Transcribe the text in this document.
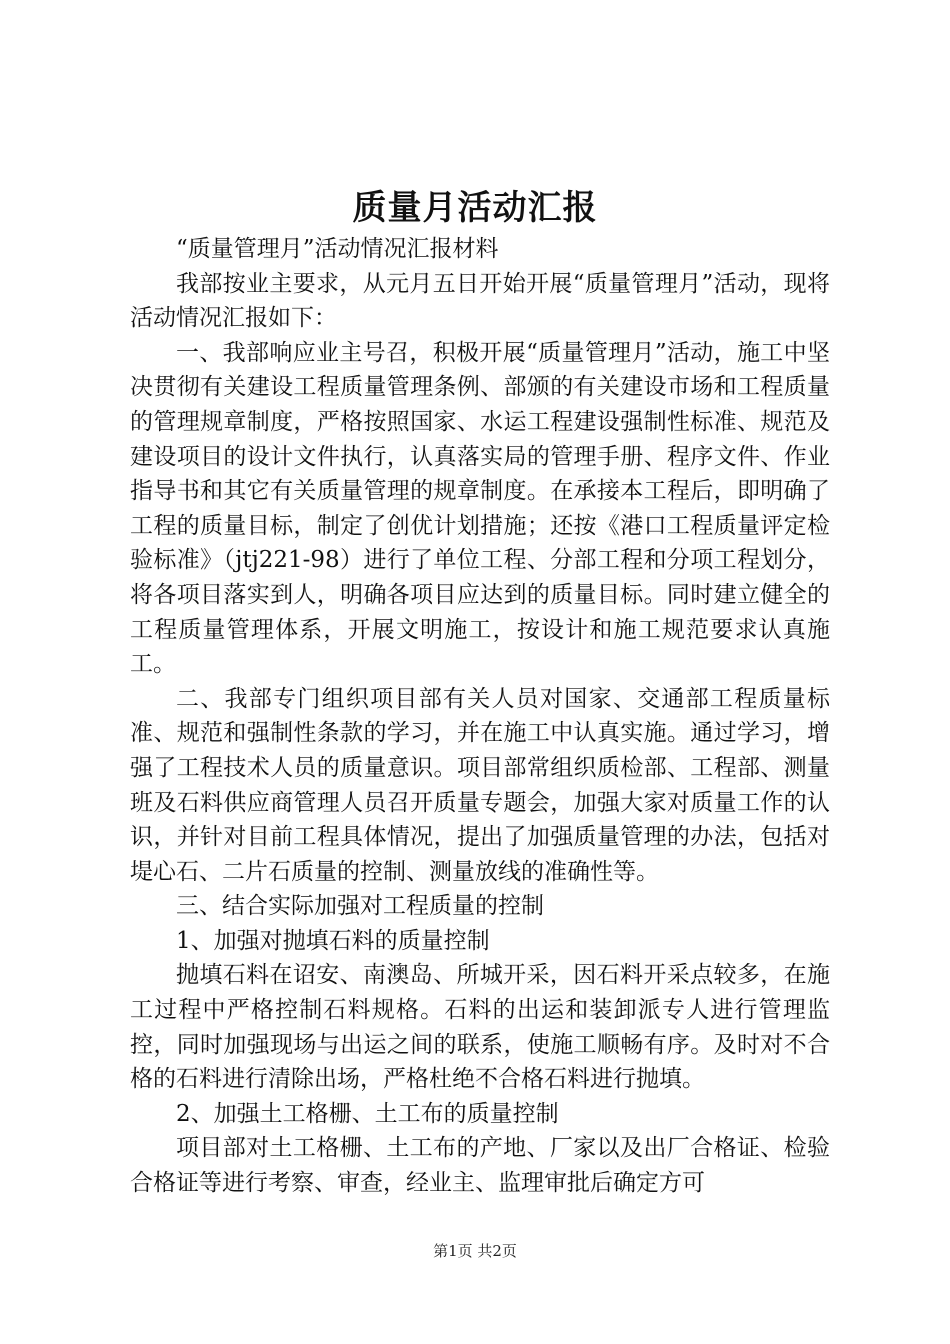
质量月活动汇报

“质量管理月”活动情况汇报材料

我部按业主要求，从元月五日开始开展“质量管理月”活动，现将活动情况汇报如下：

一、我部响应业主号召，积极开展“质量管理月”活动，施工中坚决贯彻有关建设工程质量管理条例、部颁的有关建设市场和工程质量的管理规章制度，严格按照国家、水运工程建设强制性标准、规范及建设项目的设计文件执行，认真落实局的管理手册、程序文件、作业指导书和其它有关质量管理的规章制度。在承接本工程后，即明确了工程的质量目标，制定了创优计划措施；还按《港口工程质量评定检验标准》（jtj221-98）进行了单位工程、分部工程和分项工程划分，将各项目落实到人，明确各项目应达到的质量目标。同时建立健全的工程质量管理体系，开展文明施工，按设计和施工规范要求认真施工。

二、我部专门组织项目部有关人员对国家、交通部工程质量标准、规范和强制性条款的学习，并在施工中认真实施。通过学习，增强了工程技术人员的质量意识。项目部常组织质检部、工程部、测量班及石料供应商管理人员召开质量专题会，加强大家对质量工作的认识，并针对目前工程具体情况，提出了加强质量管理的办法，包括对堤心石、二片石质量的控制、测量放线的准确性等。

三、结合实际加强对工程质量的控制

1、加强对抛填石料的质量控制

抛填石料在诏安、南澳岛、所城开采，因石料开采点较多，在施工过程中严格控制石料规格。石料的出运和装卸派专人进行管理监控，同时加强现场与出运之间的联系，使施工顺畅有序。及时对不合格的石料进行清除出场，严格杜绝不合格石料进行抛填。

2、加强土工格栅、土工布的质量控制

项目部对土工格栅、土工布的产地、厂家以及出厂合格证、检验合格证等进行考察、审查，经业主、监理审批后确定方可

第1页 共2页
